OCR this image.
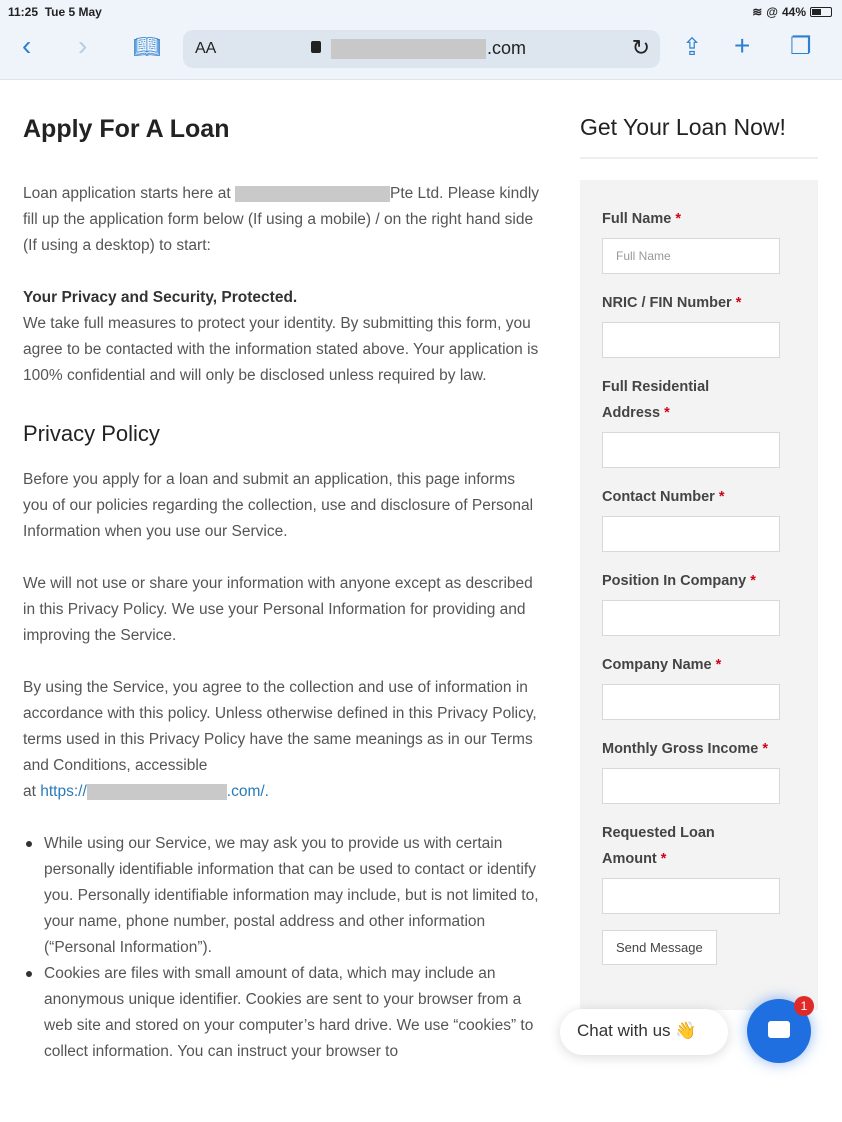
11:25 Tue 5 May	≋ @ 44%
‹ › 📖︎ AA	.com	↻ ⇪ + ❐
Apply For A Loan

Loan application starts here at	Pte Ltd. Please kindly fill up the application form below (If using a mobile) / on the right hand side (If using a desktop) to start:

Your Privacy and Security, Protected.
We take full measures to protect your identity. By submitting this form, you agree to be contacted with the information stated above. Your application is 100% confidential and will only be disclosed unless required by law.

Privacy Policy

Before you apply for a loan and submit an application, this page informs you of our policies regarding the collection, use and disclosure of Personal Information when you use our Service.

We will not use or share your information with anyone except as described in this Privacy Policy. We use your Personal Information for providing and improving the Service.

By using the Service, you agree to the collection and use of information in accordance with this policy. Unless otherwise defined in this Privacy Policy, terms used in this Privacy Policy have the same meanings as in our Terms and Conditions, accessible
at https://	.com/.

While using our Service, we may ask you to provide us with certain personally identifiable information that can be used to contact or identify you. Personally identifiable information may include, but is not limited to, your name, phone number, postal address and other information (“Personal Information”).
Cookies are files with small amount of data, which may include an anonymous unique identifier. Cookies are sent to your browser from a web site and stored on your computer’s hard drive. We use “cookies” to collect information. You can instruct your browser to
Get Your Loan Now!
Full Name *
Full Name
NRIC / FIN Number *
Full Residential Address *
Contact Number *
Position In Company *
Company Name *
Monthly Gross Income *
Requested Loan Amount *
Send Message
Chat with us 👋
1
